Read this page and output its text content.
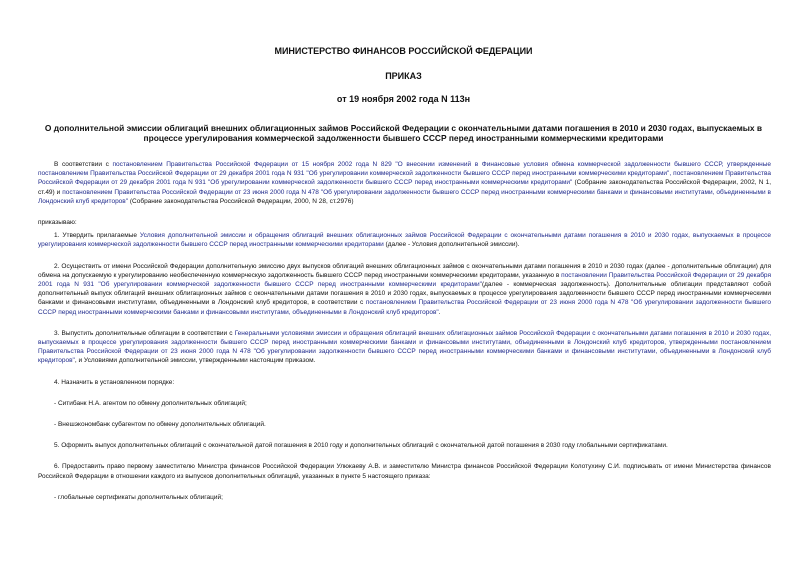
МИНИСТЕРСТВО ФИНАНСОВ РОССИЙСКОЙ ФЕДЕРАЦИИ
ПРИКАЗ
от 19 ноября 2002 года N 113н
О дополнительной эмиссии облигаций внешних облигационных займов Российской Федерации с окончательными датами погашения в 2010 и 2030 годах, выпускаемых в процессе урегулирования коммерческой задолженности бывшего СССР перед иностранными коммерческими кредиторами

В соответствии с постановлением Правительства Российской Федерации от 15 ноября 2002 года N 829 "О внесении изменений в Финансовые условия обмена коммерческой задолженности бывшего СССР, утвержденные постановлением Правительства Российской Федерации от 29 декабря 2001 года N 931 "Об урегулировании коммерческой задолженности бывшего СССР перед иностранными коммерческими кредиторами", постановлением Правительства Российской Федерации от 29 декабря 2001 года N 931 "Об урегулировании коммерческой задолженности бывшего СССР перед иностранными коммерческими кредиторами" (Собрание законодательства Российской Федерации, 2002, N 1, ст.49) и постановлением Правительства Российской Федерации от 23 июня 2000 года N 478 "Об урегулировании задолженности бывшего СССР перед иностранными коммерческими банками и финансовыми институтами, объединенными в Лондонский клуб кредиторов" (Собрание законодательства Российской Федерации, 2000, N 28, ст.2976)

приказываю:

1. Утвердить прилагаемые Условия дополнительной эмиссии и обращения облигаций внешних облигационных займов Российской Федерации с окончательными датами погашения в 2010 и 2030 годах, выпускаемых в процессе урегулирования коммерческой задолженности бывшего СССР перед иностранными коммерческими кредиторами (далее - Условия дополнительной эмиссии).

2. Осуществить от имени Российской Федерации дополнительную эмиссию двух выпусков облигаций внешних облигационных займов с окончательными датами погашения в 2010 и 2030 годах (далее - дополнительные облигации) для обмена на допускаемую к урегулированию необеспеченную коммерческую задолженность бывшего СССР перед иностранными коммерческими кредиторами, указанную в постановлении Правительства Российской Федерации от 29 декабря 2001 года N 931 "Об урегулировании коммерческой задолженности бывшего СССР перед иностранными коммерческими кредиторами"(далее - коммерческая задолженность). Дополнительные облигации представляют собой дополнительный выпуск облигаций внешних облигационных займов с окончательными датами погашения в 2010 и 2030 годах, выпускаемых в процессе урегулирования задолженности бывшего СССР перед иностранными коммерческими банками и финансовыми институтами, объединенными в Лондонский клуб кредиторов, в соответствии с постановлением Правительства Российской Федерации от 23 июня 2000 года N 478 "Об урегулировании задолженности бывшего СССР перед иностранными коммерческими банками и финансовыми институтами, объединенными в Лондонский клуб кредиторов".

3. Выпустить дополнительные облигации в соответствии с Генеральными условиями эмиссии и обращения облигаций внешних облигационных займов Российской Федерации с окончательными датами погашения в 2010 и 2030 годах, выпускаемых в процессе урегулирования задолженности бывшего СССР перед иностранными коммерческими банками и финансовыми институтами, объединенными в Лондонский клуб кредиторов, утвержденными постановлением Правительства Российской Федерации от 23 июня 2000 года N 478 "Об урегулировании задолженности бывшего СССР перед иностранными коммерческими банками и финансовыми институтами, объединенными в Лондонский клуб кредиторов", и Условиями дополнительной эмиссии, утвержденными настоящим приказом.

4. Назначить в установленном порядке:

- Ситибанк Н.А. агентом по обмену дополнительных облигаций;

- Внешэкономбанк субагентом по обмену дополнительных облигаций.

5. Оформить выпуск дополнительных облигаций с окончательной датой погашения в 2010 году и дополнительных облигаций с окончательной датой погашения в 2030 году глобальными сертификатами.

6. Предоставить право первому заместителю Министра финансов Российской Федерации Улюкаеву А.В. и заместителю Министра финансов Российской Федерации Колотухину С.И. подписывать от имени Министерства финансов Российской Федерации в отношении каждого из выпусков дополнительных облигаций, указанных в пункте 5 настоящего приказа:

- глобальные сертификаты дополнительных облигаций;
